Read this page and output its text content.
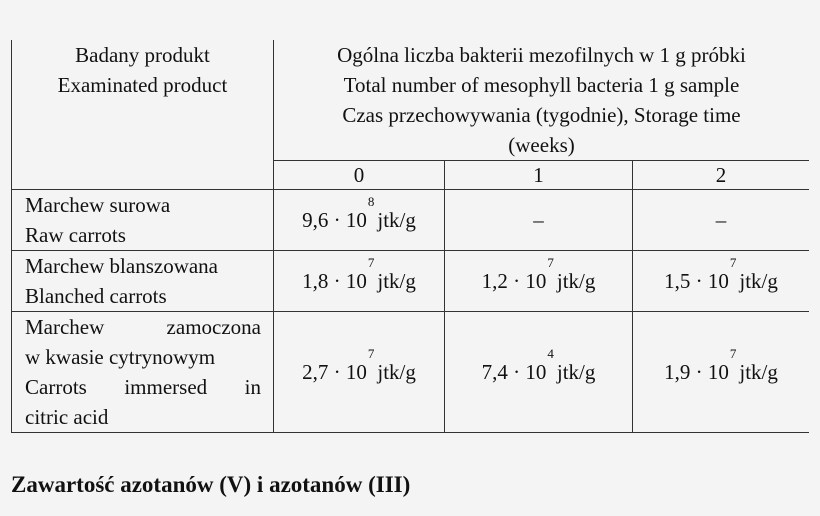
Badany produkt
Examinated product	Ogólna liczba bakterii mezofilnych w 1 g próbki
Total number of mesophyll bacteria 1 g sample
Czas przechowywania (tygodnie), Storage time
(weeks)		

	0	1	2

Marchew surowa
Raw carrots	$9,6 \cdot 10^8jtk/g$	–	–

Marchew blanszowana
Blanched carrots	$1,8 \cdot 10^7jtk/g$	$1,2 \cdot 10^7jtk/g$	$1,5 \cdot 10^7jtk/g$

Marchew zamoczona
w kwasie cytrynowym
Carrots immersed in
citric acid	$2,7 \cdot 10^7jtk/g$	$7,4 \cdot 10^4jtk/g$	$1,9 \cdot 10^7jtk/g$
Zawartość azotanów (V) i azotanów (III)
